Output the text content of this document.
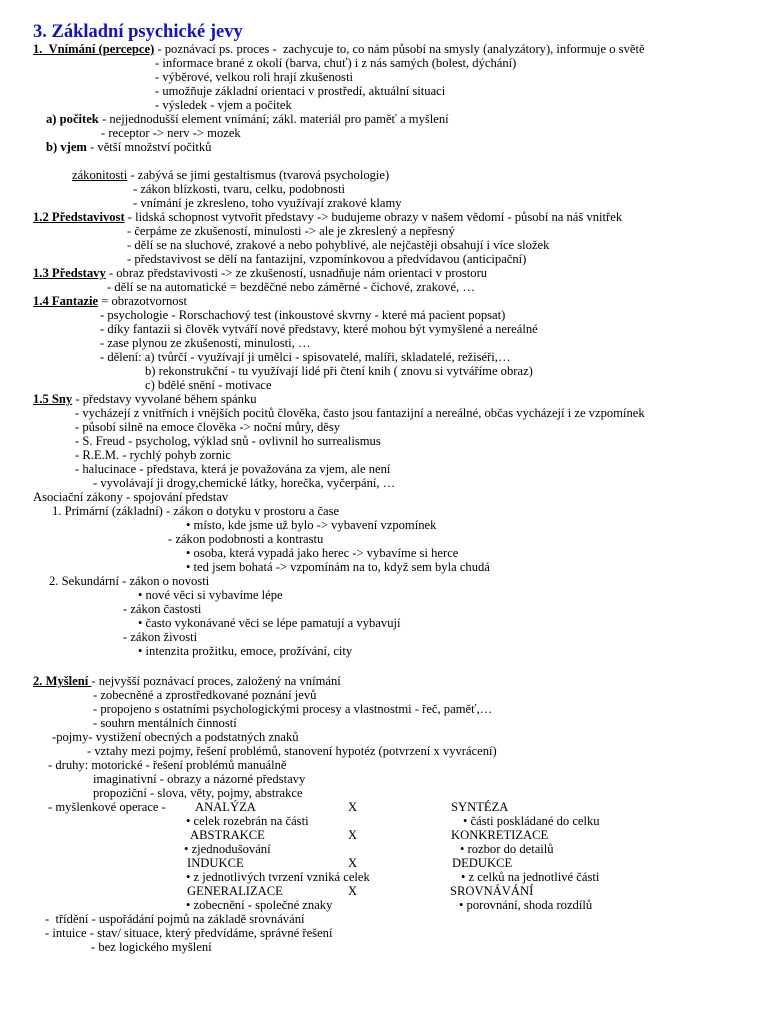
3. Základní psychické jevy
1.  Vnímání (percepce) - poznávací ps. proces -  zachycuje to, co nám působí na smysly (analyzátory), informuje o světě
- informace brané z okolí (barva, chuť) i z nás samých (bolest, dýchání)
- výběrové, velkou roli hrají zkušenosti
- umožňuje základní orientaci v prostředí, aktuální situaci
- výsledek - vjem a počitek
a) počitek - nejjednodušší element vnímání; zákl. materiál pro paměť a myšlení
- receptor -> nerv -> mozek
b) vjem - větší množství počitků
zákonitosti - zabývá se jimi gestaltismus (tvarová psychologie)
- zákon blízkosti, tvaru, celku, podobnosti
- vnímání je zkresleno, toho využívají zrakové klamy
1.2 Představivost - lidská schopnost vytvořit představy -> budujeme obrazy v našem vědomí - působí na náš vnitřek
- čerpáme ze zkušeností, minulosti -> ale je zkreslený a nepřesný
- dělí se na sluchové, zrakové a nebo pohyblivé, ale nejčastěji obsahují i více složek
- představivost se dělí na fantazijní, vzpomínkovou a předvídavou (anticipační)
1.3 Představy - obraz představivosti -> ze zkušeností, usnadňuje nám orientaci v prostoru
- dělí se na automatické = bezděčné nebo záměrné - čichové, zrakové, …
1.4 Fantazie = obrazotvornost
- psychologie - Rorschachový test (inkoustové skvrny - které má pacient popsat)
- díky fantazii si člověk vytváří nové představy, které mohou být vymyšlené a nereálné
- zase plynou ze zkušeností, minulosti, …
- dělení: a) tvůrčí - využívají ji umělci - spisovatelé, malíři, skladatelé, režiséři,…
b) rekonstrukční - tu využívají lidé při čtení knih ( znovu si vytváříme obraz)
c) bdělé snění - motivace
1.5 Sny - představy vyvolané během spánku
- vycházejí z vnitřních i vnějších pocitů člověka, často jsou fantazijní a nereálné, občas vycházejí i ze vzpomínek
- působí silně na emoce člověka -> noční můry, děsy
- S. Freud - psycholog, výklad snů - ovlivnil ho surrealismus
- R.E.M. - rychlý pohyb zornic
- halucinace - představa, která je považována za vjem, ale není
- vyvolávají ji drogy,chemické látky, horečka, vyčerpání, …
Asociační zákony - spojování představ
1. Primární (základní) - zákon o dotyku v prostoru a čase
• místo, kde jsme už bylo -> vybavení vzpomínek
- zákon podobnosti a kontrastu
• osoba, která vypadá jako herec -> vybavíme si herce
• ted jsem bohatá -> vzpomínám na to, když sem byla chudá
2. Sekundární - zákon o novosti
• nové věci si vybavíme lépe
- zákon častosti
• často vykonávané věci se lépe pamatují a vybavují
- zákon živosti
• intenzita prožitku, emoce, prožívání, city
2. Myšlení - nejvyšší poznávací proces, založený na vnímání
- zobecněné a zprostředkované poznání jevů
- propojeno s ostatními psychologickými procesy a vlastnostmi - řeč, paměť,…
- souhrn mentálních činností
-pojmy- vystižení obecných a podstatných znaků
- vztahy mezi pojmy, řešení problémů, stanovení hypotéz (potvrzení x vyvrácení)
- druhy: motorické - řešení problémů manuálně
imaginativní - obrazy a názorné představy
propoziční - slova, věty, pojmy, abstrakce
- myšlenkové operace - ANALÝZA	X	SYNTÉZA
• celek rozebrán na části	• části poskládané do celku
ABSTRAKCE	X	KONKRETIZACE
• zjednodušování	• rozbor do detailů
INDUKCE	X	DEDUKCE
• z jednotlivých tvrzení vzniká celek	• z celků na jednotlivé části
GENERALIZACE	X	SROVNÁVÁNÍ
• zobecnění - společné znaky	• porovnání, shoda rozdílů
-  třídění - uspořádání pojmů na základě srovnávání
- intuice - stav/ situace, který předvídáme, správné řešení
- bez logického myšlení
